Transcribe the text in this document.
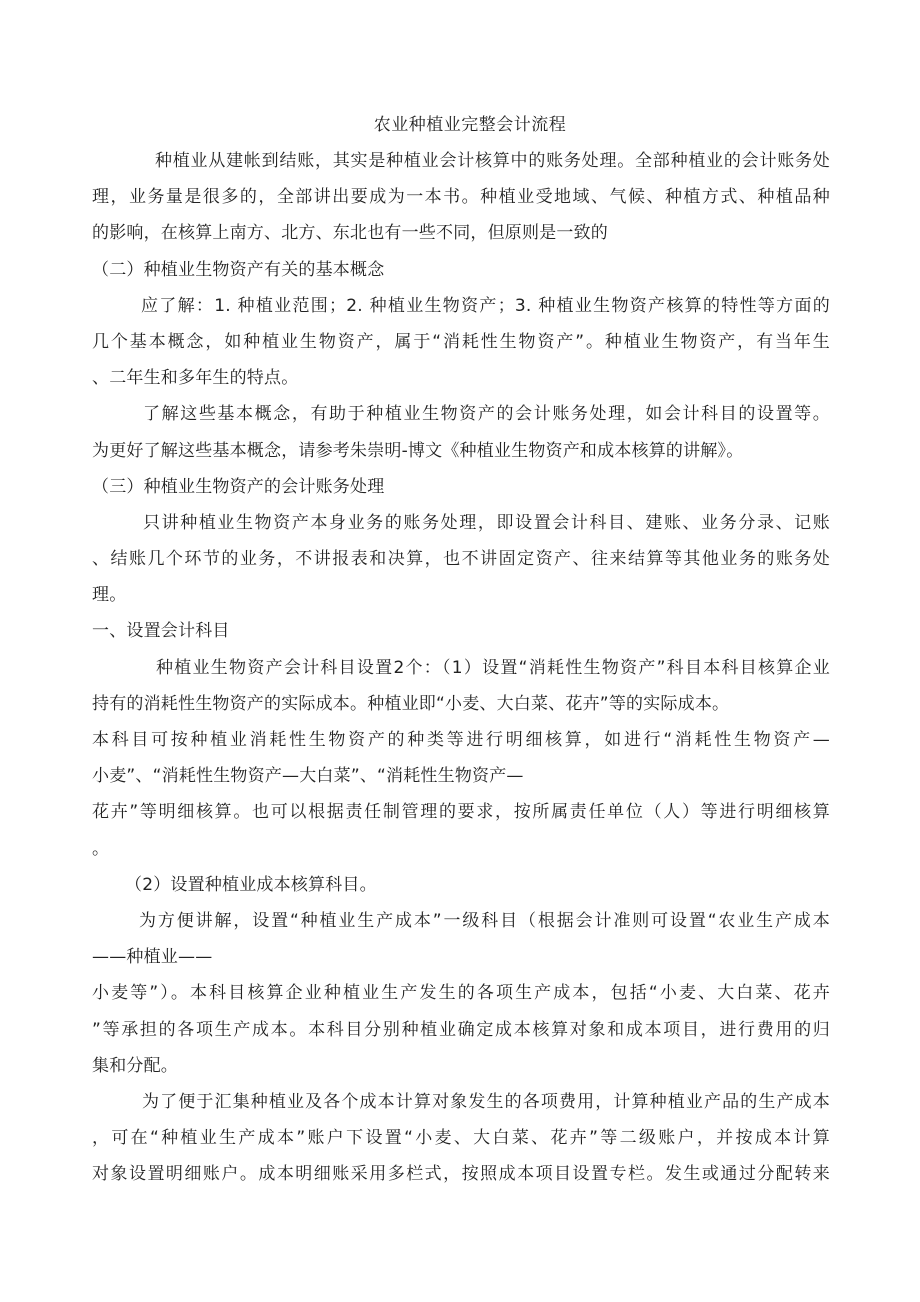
农业种植业完整会计流程
种植业从建帐到结账，其实是种植业会计核算中的账务处理。全部种植业的会计账务处
理，业务量是很多的，全部讲出要成为一本书。种植业受地域、气候、种植方式、种植品种
的影响，在核算上南方、北方、东北也有一些不同，但原则是一致的
（二）种植业生物资产有关的基本概念
应了解：1. 种植业范围；2. 种植业生物资产；3. 种植业生物资产核算的特性等方面的
几个基本概念，如种植业生物资产，属于“消耗性生物资产”。种植业生物资产，有当年生
、二年生和多年生的特点。
了解这些基本概念，有助于种植业生物资产的会计账务处理，如会计科目的设置等。
为更好了解这些基本概念，请参考朱崇明-博文《种植业生物资产和成本核算的讲解》。
（三）种植业生物资产的会计账务处理
只讲种植业生物资产本身业务的账务处理，即设置会计科目、建账、业务分录、记账
、结账几个环节的业务，不讲报表和决算，也不讲固定资产、往来结算等其他业务的账务处
理。
一、设置会计科目
种植业生物资产会计科目设置2个：（1）设置“消耗性生物资产”科目本科目核算企业
持有的消耗性生物资产的实际成本。种植业即“小麦、大白菜、花卉”等的实际成本。
本科目可按种植业消耗性生物资产的种类等进行明细核算，如进行“消耗性生物资产—
小麦”、“消耗性生物资产—大白菜”、“消耗性生物资产—
花卉”等明细核算。也可以根据责任制管理的要求，按所属责任单位（人）等进行明细核算
。
（2）设置种植业成本核算科目。
为方便讲解，设置“种植业生产成本”一级科目（根据会计准则可设置“农业生产成本
——种植业——
小麦等”）。本科目核算企业种植业生产发生的各项生产成本，包括“小麦、大白菜、花卉
”等承担的各项生产成本。本科目分别种植业确定成本核算对象和成本项目，进行费用的归
集和分配。
为了便于汇集种植业及各个成本计算对象发生的各项费用，计算种植业产品的生产成本
，可在“种植业生产成本”账户下设置“小麦、大白菜、花卉”等二级账户，并按成本计算
对象设置明细账户。成本明细账采用多栏式，按照成本项目设置专栏。发生或通过分配转来
